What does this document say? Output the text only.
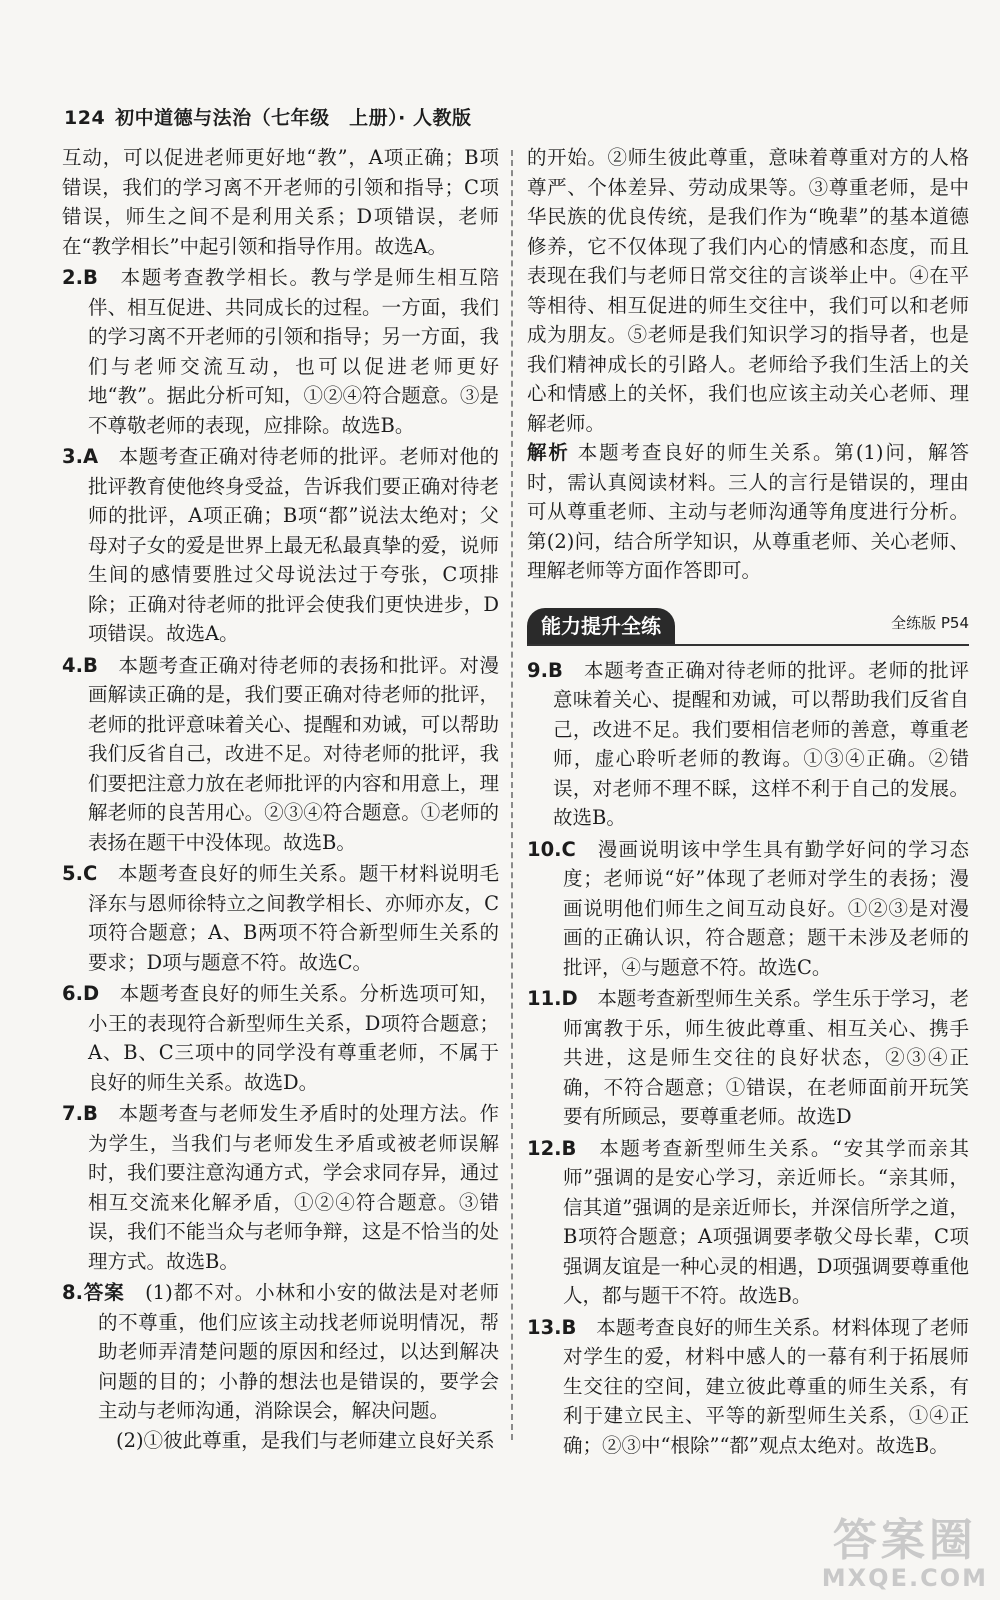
124 初中道德与法治（七年级　上册）· 人教版

互动，可以促进老师更好地“教”，A项正确；B项错误，我们的学习离不开老师的引领和指导；C项错误，师生之间不是利用关系；D项错误，老师在“教学相长”中起引领和指导作用。故选A。

2.B　 本题考查教学相长。教与学是师生相互陪伴、相互促进、共同成长的过程。一方面，我们的学习离不开老师的引领和指导；另一方面，我们与老师交流互动，也可以促进老师更好地“教”。据此分析可知，①②④符合题意。③是不尊敬老师的表现，应排除。故选B。

3.A　 本题考查正确对待老师的批评。老师对他的批评教育使他终身受益，告诉我们要正确对待老师的批评，A项正确；B项“都”说法太绝对；父母对子女的爱是世界上最无私最真挚的爱，说师生间的感情要胜过父母说法过于夸张，C项排除；正确对待老师的批评会使我们更快进步，D项错误。故选A。

4.B　 本题考查正确对待老师的表扬和批评。对漫画解读正确的是，我们要正确对待老师的批评，老师的批评意味着关心、提醒和劝诫，可以帮助我们反省自己，改进不足。对待老师的批评，我们要把注意力放在老师批评的内容和用意上，理解老师的良苦用心。②③④符合题意。①老师的表扬在题干中没体现。故选B。

5.C　 本题考查良好的师生关系。题干材料说明毛泽东与恩师徐特立之间教学相长、亦师亦友，C项符合题意；A、B两项不符合新型师生关系的要求；D项与题意不符。故选C。

6.D　 本题考查良好的师生关系。分析选项可知，小王的表现符合新型师生关系，D项符合题意；A、B、C三项中的同学没有尊重老师，不属于良好的师生关系。故选D。

7.B　 本题考查与老师发生矛盾时的处理方法。作为学生，当我们与老师发生矛盾或被老师误解时，我们要注意沟通方式，学会求同存异，通过相互交流来化解矛盾，①②④符合题意。③错误，我们不能当众与老师争辩，这是不恰当的处理方式。故选B。

8.答案　 (1)都不对。小林和小安的做法是对老师的不尊重，他们应该主动找老师说明情况，帮助老师弄清楚问题的原因和经过，以达到解决问题的目的；小静的想法也是错误的，要学会主动与老师沟通，消除误会，解决问题。

(2)①彼此尊重，是我们与老师建立良好关系

的开始。②师生彼此尊重，意味着尊重对方的人格尊严、个体差异、劳动成果等。③尊重老师，是中华民族的优良传统，是我们作为“晚辈”的基本道德修养，它不仅体现了我们内心的情感和态度，而且表现在我们与老师日常交往的言谈举止中。④在平等相待、相互促进的师生交往中，我们可以和老师成为朋友。⑤老师是我们知识学习的指导者，也是我们精神成长的引路人。老师给予我们生活上的关心和情感上的关怀，我们也应该主动关心老师、理解老师。

解析 本题考查良好的师生关系。第(1)问，解答时，需认真阅读材料。三人的言行是错误的，理由可从尊重老师、主动与老师沟通等角度进行分析。第(2)问，结合所学知识，从尊重老师、关心老师、理解老师等方面作答即可。

能力提升全练	全练版 P54

9.B　 本题考查正确对待老师的批评。老师的批评意味着关心、提醒和劝诫，可以帮助我们反省自己，改进不足。我们要相信老师的善意，尊重老师，虚心聆听老师的教诲。①③④正确。②错误，对老师不理不睬，这样不利于自己的发展。故选B。

10.C　 漫画说明该中学生具有勤学好问的学习态度；老师说“好”体现了老师对学生的表扬；漫画说明他们师生之间互动良好。①②③是对漫画的正确认识，符合题意；题干未涉及老师的批评，④与题意不符。故选C。

11.D　 本题考查新型师生关系。学生乐于学习，老师寓教于乐，师生彼此尊重、相互关心、携手共进，这是师生交往的良好状态，②③④正确，不符合题意；①错误，在老师面前开玩笑要有所顾忌，要尊重老师。故选D

12.B　 本题考查新型师生关系。“安其学而亲其师”强调的是安心学习，亲近师长。“亲其师，信其道”强调的是亲近师长，并深信所学之道，B项符合题意；A项强调要孝敬父母长辈，C项强调友谊是一种心灵的相遇，D项强调要尊重他人，都与题干不符。故选B。

13.B　 本题考查良好的师生关系。材料体现了老师对学生的爱，材料中感人的一幕有利于拓展师生交往的空间，建立彼此尊重的师生关系，有利于建立民主、平等的新型师生关系，①④正确；②③中“根除”“都”观点太绝对。故选B。

答案圈
MXQE.COM
